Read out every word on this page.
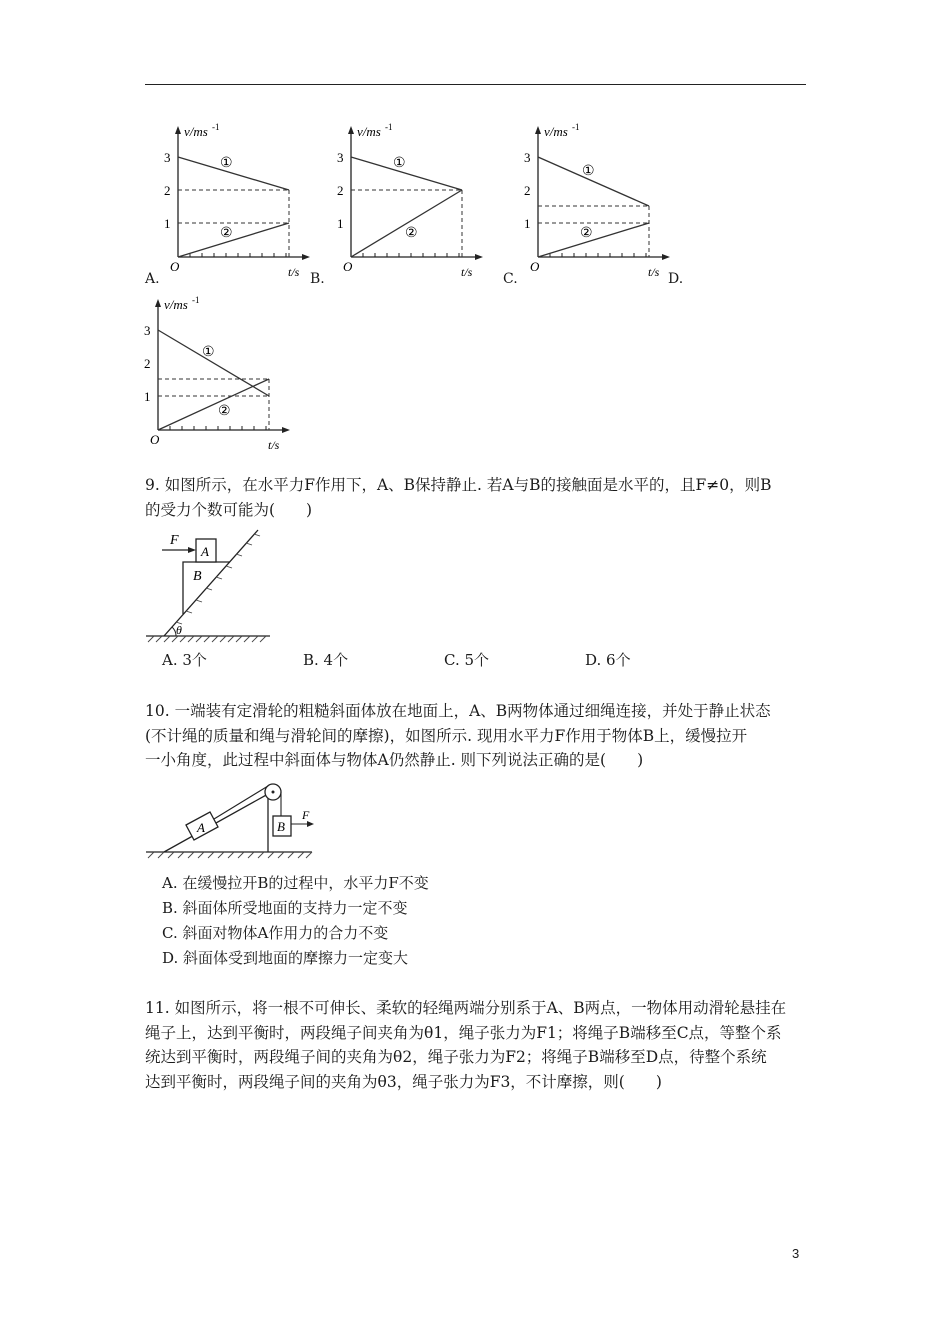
3
2
1
O
v/ms -1
t/s
①
②
3
2
1
O
v/ms -1
t/s
①
②
3
2
1
O
v/ms -1
t/s
①
②
3
2
1
O
v/ms -1
t/s
①
②
A.	B.	C.	D.
9. 如图所示，在水平力F作用下，A、B保持静止. 若A与B的接触面是水平的，且F≠0，则B
的受力个数可能为(　　)
F
A
B
θ
A. 3个	B. 4个	C. 5个	D. 6个
10. 一端装有定滑轮的粗糙斜面体放在地面上，A、B两物体通过细绳连接，并处于静止状态
(不计绳的质量和绳与滑轮间的摩擦)，如图所示. 现用水平力F作用于物体B上，缓慢拉开
一小角度，此过程中斜面体与物体A仍然静止. 则下列说法正确的是(　　)
A	B
F
A. 在缓慢拉开B的过程中，水平力F不变
B. 斜面体所受地面的支持力一定不变
C. 斜面对物体A作用力的合力不变
D. 斜面体受到地面的摩擦力一定变大
11. 如图所示，将一根不可伸长、柔软的轻绳两端分别系于A、B两点，一物体用动滑轮悬挂在
绳子上，达到平衡时，两段绳子间夹角为θ1，绳子张力为F1；将绳子B端移至C点，等整个系
统达到平衡时，两段绳子间的夹角为θ2，绳子张力为F2；将绳子B端移至D点，待整个系统
达到平衡时，两段绳子间的夹角为θ3，绳子张力为F3，不计摩擦，则(　　)
3
